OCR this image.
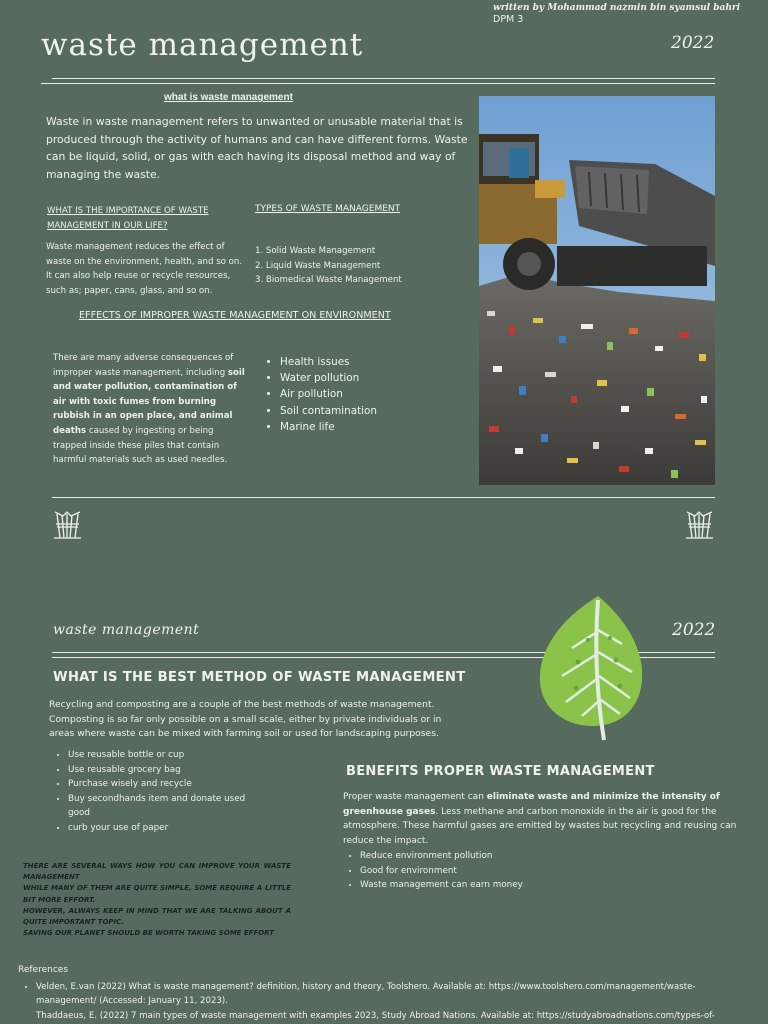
written by Mohammad nazmin bin syamsul bahri
DPM 3
waste management	2022
what is waste management
Waste in waste management refers to unwanted or unusable material that is produced through the activity of humans and can have different forms. Waste can be liquid, solid, or gas with each having its disposal method and way of managing the waste.
WHAT IS THE IMPORTANCE OF WASTE
MANAGEMENT IN OUR LIFE?
Waste management reduces the effect of waste on the environment, health, and so on. It can also help reuse or recycle resources, such as; paper, cans, glass, and so on.
TYPES OF WASTE MANAGEMENT
1. Solid Waste Management
2. Liquid Waste Management
3. Biomedical Waste Management
EFFECTS OF IMPROPER WASTE MANAGEMENT ON ENVIRONMENT
There are many adverse consequences of improper waste management, including soil and water pollution, contamination of air with toxic fumes from burning rubbish in an open place, and animal deaths caused by ingesting or being trapped inside these piles that contain harmful materials such as used needles.
• Health issues
• Water pollution
• Air pollution
• Soil contamination
• Marine life
waste management	2022
WHAT IS THE BEST METHOD OF WASTE MANAGEMENT
Recycling and composting are a couple of the best methods of waste management. Composting is so far only possible on a small scale, either by private individuals or in areas where waste can be mixed with farming soil or used for landscaping purposes.
• Use reusable bottle or cup
• Use reusable grocery bag
• Purchase wisely and recycle
• Buy secondhands item and donate used good
• curb your use of paper
THERE ARE SEVERAL WAYS HOW YOU CAN IMPROVE YOUR WASTE MANAGEMENT
WHILE MANY OF THEM ARE QUITE SIMPLE, SOME REQUIRE A LITTLE BIT MORE EFFORT.
HOWEVER, ALWAYS KEEP IN MIND THAT WE ARE TALKING ABOUT A QUITE IMPORTANT TOPIC.
SAVING OUR PLANET SHOULD BE WORTH TAKING SOME EFFORT
BENEFITS PROPER WASTE MANAGEMENT
Proper waste management can eliminate waste and minimize the intensity of greenhouse gases. Less methane and carbon monoxide in the air is good for the atmosphere. These harmful gases are emitted by wastes but recycling and reusing can reduce the impact.
• Reduce environment pollution
• Good for environment
• Waste management can earn money
References
• Velden, E.van (2022) What is waste management? definition, history and theory, Toolshero. Available at: https://www.toolshero.com/management/waste-management/ (Accessed: January 11, 2023).
• Thaddaeus, E. (2022) 7 main types of waste management with examples 2023, Study Abroad Nations. Available at: https://studyabroadnations.com/types-of-
